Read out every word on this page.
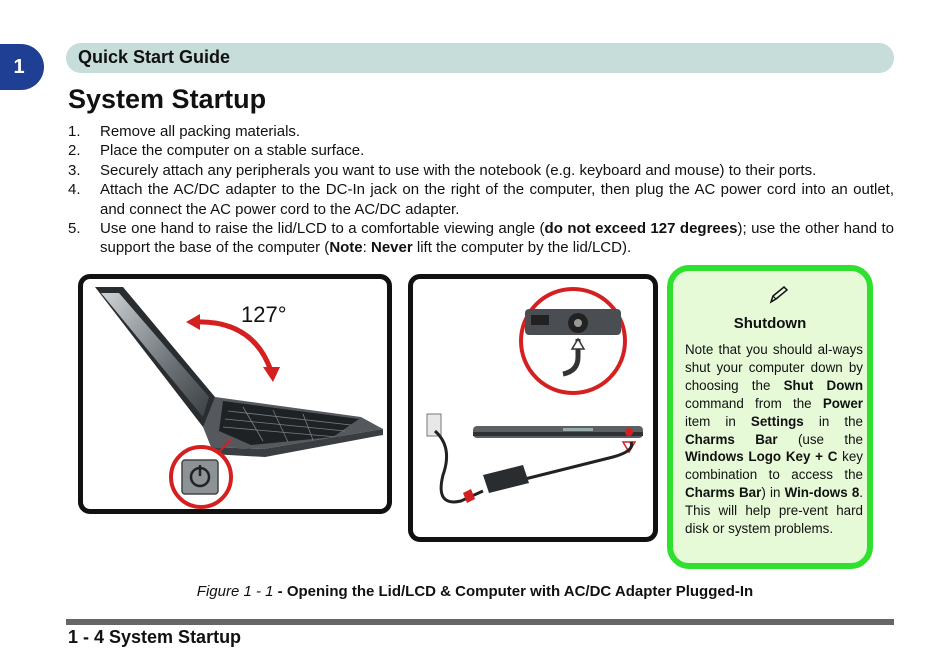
1	Quick Start Guide
System Startup
1. Remove all packing materials.
2. Place the computer on a stable surface.
3. Securely attach any peripherals you want to use with the notebook (e.g. keyboard and mouse) to their ports.
4. Attach the AC/DC adapter to the DC-In jack on the right of the computer, then plug the AC power cord into an outlet, and connect the AC power cord to the AC/DC adapter.
5. Use one hand to raise the lid/LCD to a comfortable viewing angle (do not exceed 127 degrees); use the other hand to support the base of the computer (Note: Never lift the computer by the lid/LCD).
127°	Shutdown
Note that you should al-ways shut your computer down by choosing the Shut Down command from the Power item in Settings in the Charms Bar (use the Windows Logo Key + C key combination to access the Charms Bar) in Win-dows 8. This will help pre-vent hard disk or system problems.
Figure 1 - 1 - Opening the Lid/LCD & Computer with AC/DC Adapter Plugged-In
1 - 4 System Startup
